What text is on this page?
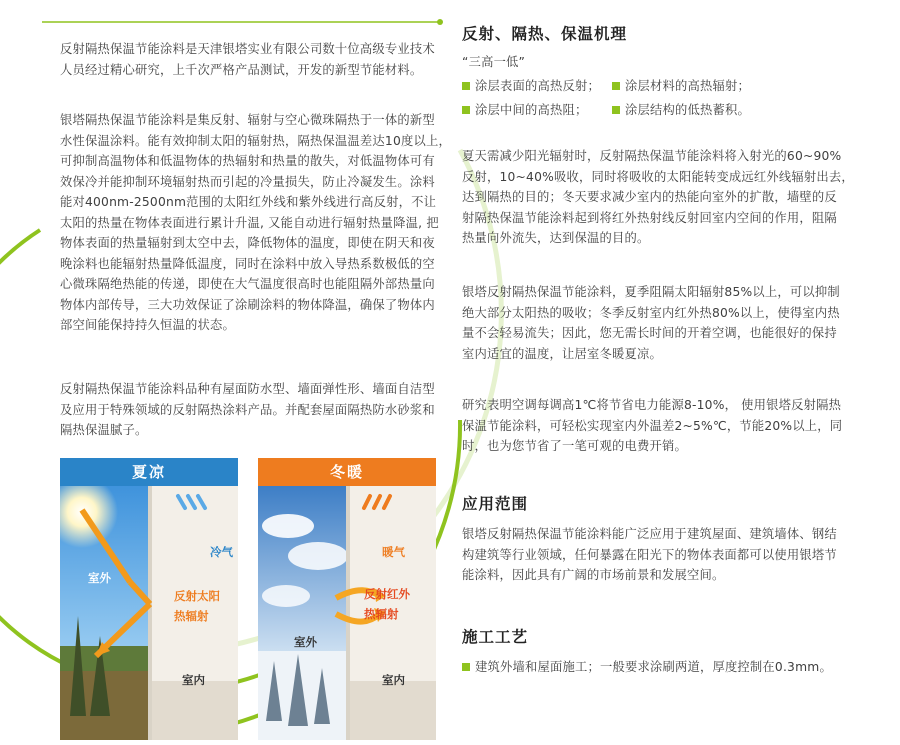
反射隔热保温节能涂料是天津银塔实业有限公司数十位高级专业技术
人员经过精心研究，上千次严格产品测试，开发的新型节能材料。
银塔隔热保温节能涂料是集反射、辐射与空心微珠隔热于一体的新型
水性保温涂料。能有效抑制太阳的辐射热，隔热保温温差达10度以上，
可抑制高温物体和低温物体的热辐射和热量的散失，对低温物体可有
效保冷并能抑制环境辐射热而引起的冷量损失，防止冷凝发生。涂料
能对400nm-2500nm范围的太阳红外线和紫外线进行高反射，不让
太阳的热量在物体表面进行累计升温, 又能自动进行辐射热量降温, 把
物体表面的热量辐射到太空中去，降低物体的温度，即使在阴天和夜
晚涂料也能辐射热量降低温度，同时在涂料中放入导热系数极低的空
心微珠隔绝热能的传递，即使在大气温度很高时也能阻隔外部热量向
物体内部传导，三大功效保证了涂刷涂料的物体降温，确保了物体内
部空间能保持持久恒温的状态。
反射隔热保温节能涂料品种有屋面防水型、墙面弹性形、墙面自洁型
及应用于特殊领域的反射隔热涂料产品。并配套屋面隔热防水砂浆和
隔热保温腻子。
夏凉
冷气
室外
反射太阳
热辐射
室内
冬暖
暖气
反射红外
热辐射
室外
室内
反射、隔热、保温机理
“三高一低”
涂层表面的高热反射；	涂层材料的高热辐射；
涂层中间的高热阻；	涂层结构的低热蓄积。
夏天需减少阳光辐射时，反射隔热保温节能涂料将入射光的60~90%
反射，10~40%吸收，同时将吸收的太阳能转变成远红外线辐射出去，
达到隔热的目的；冬天要求减少室内的热能向室外的扩散，墙壁的反
射隔热保温节能涂料起到将红外热射线反射回室内空间的作用，阻隔
热量向外流失，达到保温的目的。
银塔反射隔热保温节能涂料，夏季阻隔太阳辐射85%以上，可以抑制
绝大部分太阳热的吸收；冬季反射室内红外热80%以上，使得室内热
量不会轻易流失；因此，您无需长时间的开着空调，也能很好的保持
室内适宜的温度，让居室冬暖夏凉。
研究表明空调每调高1℃将节省电力能源8-10%， 使用银塔反射隔热
保温节能涂料，可轻松实现室内外温差2~5%℃，节能20%以上，同
时，也为您节省了一笔可观的电费开销。
应用范围
银塔反射隔热保温节能涂料能广泛应用于建筑屋面、建筑墙体、钢结
构建筑等行业领域，任何暴露在阳光下的物体表面都可以使用银塔节
能涂料，因此具有广阔的市场前景和发展空间。
施工工艺
建筑外墙和屋面施工；一般要求涂刷两道，厚度控制在0.3mm。
